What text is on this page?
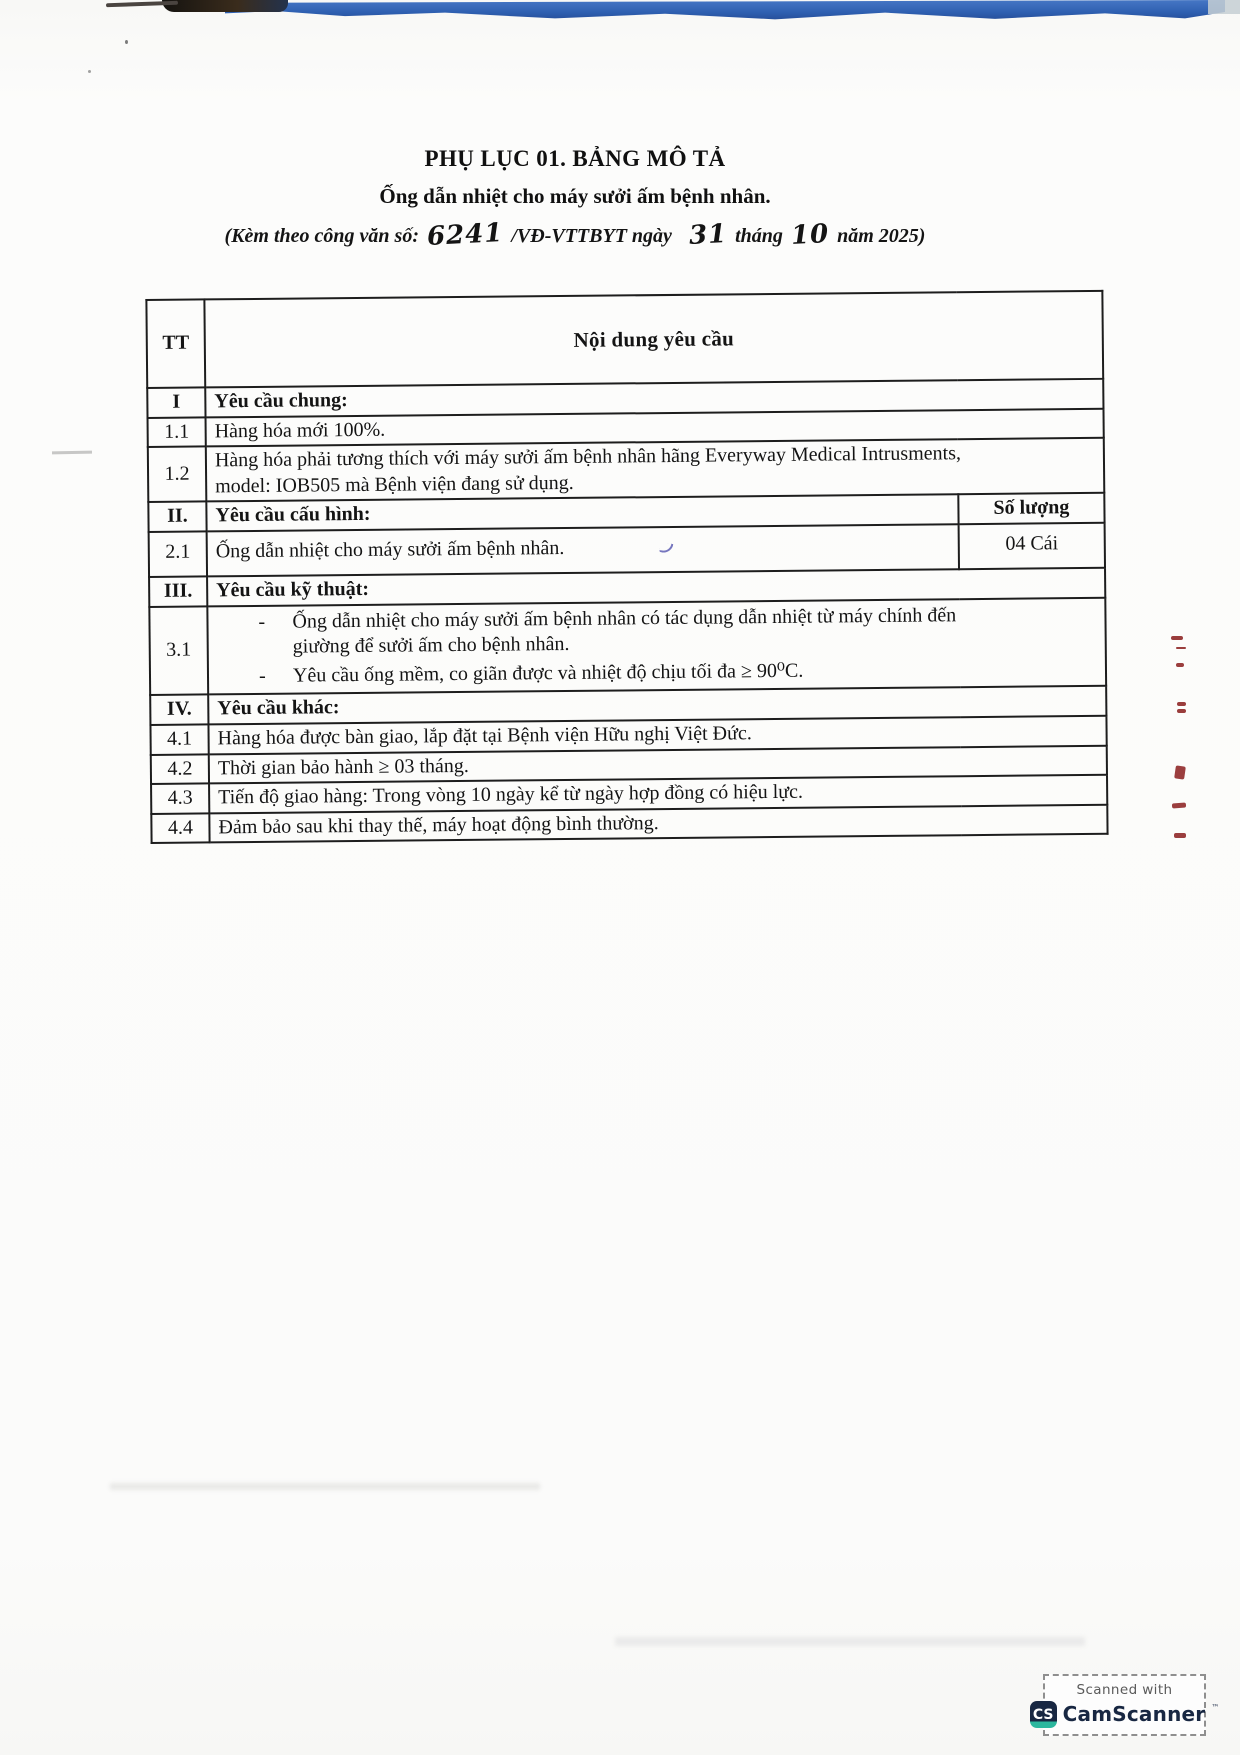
PHỤ LỤC 01. BẢNG MÔ TẢ
Ống dẫn nhiệt cho máy sưởi ấm bệnh nhân.
(Kèm theo công văn số: 6241 /VĐ-VTTBYT ngày 31 tháng 10 năm 2025)
TT	Nội dung yêu cầu	
I	Yêu cầu chung:	
1.1	Hàng hóa mới 100%.	
1.2	Hàng hóa phải tương thích với máy sưởi ấm bệnh nhân hãng Everyway Medical Intrusments, model: IOB505 mà Bệnh viện đang sử dụng.	

II.	Yêu cầu cấu hình:	Số lượng
2.1	Ống dẫn nhiệt cho máy sưởi ấm bệnh nhân.	04 Cái
III.	Yêu cầu kỹ thuật:	
3.1	- Ống dẫn nhiệt cho máy sưởi ấm bệnh nhân có tác dụng dẫn nhiệt từ máy chính đến giường để sưởi ấm cho bệnh nhân.
- Yêu cầu ống mềm, co giãn được và nhiệt độ chịu tối đa ≥ 90⁰C.	

IV.	Yêu cầu khác:	
4.1	Hàng hóa được bàn giao, lắp đặt tại Bệnh viện Hữu nghị Việt Đức.	
4.2	Thời gian bảo hành ≥ 03 tháng.	
4.3	Tiến độ giao hàng: Trong vòng 10 ngày kể từ ngày hợp đồng có hiệu lực.	
4.4	Đảm bảo sau khi thay thế, máy hoạt động bình thường.	
Scanned with
CS CamScanner ™
